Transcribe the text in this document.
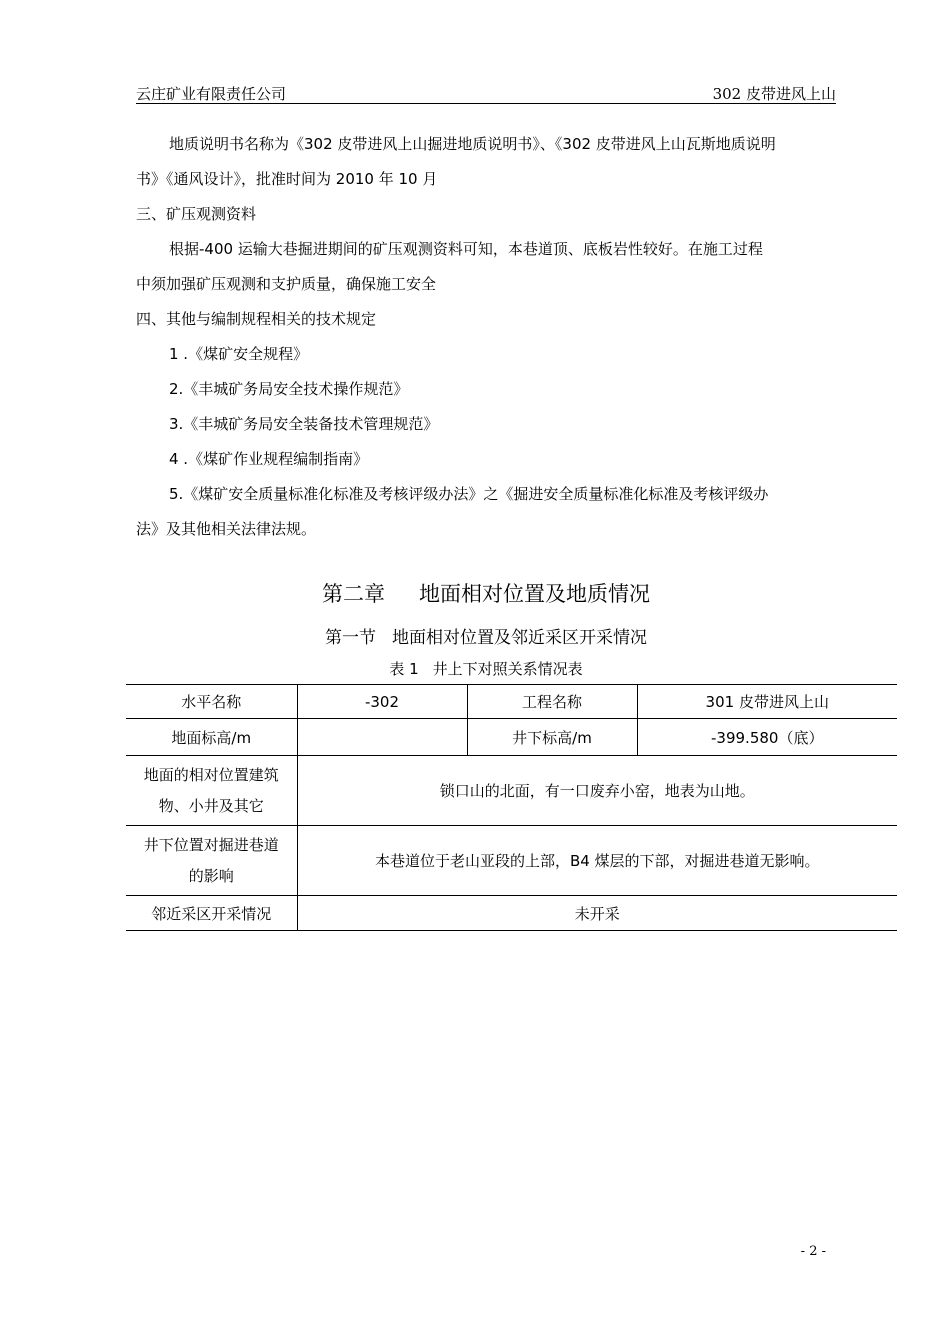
云庄矿业有限责任公司	302 皮带进风上山

地质说明书名称为《302 皮带进风上山掘进地质说明书》、《302 皮带进风上山瓦斯地质说明

书》《通风设计》，批准时间为 2010 年 10 月

三、矿压观测资料

根据-400 运输大巷掘进期间的矿压观测资料可知，本巷道顶、底板岩性较好。在施工过程

中须加强矿压观测和支护质量，确保施工安全

四、其他与编制规程相关的技术规定

1 .《煤矿安全规程》

2.《丰城矿务局安全技术操作规范》

3.《丰城矿务局安全装备技术管理规范》

4 .《煤矿作业规程编制指南》

5.《煤矿安全质量标准化标准及考核评级办法》之《掘进安全质量标准化标准及考核评级办

法》及其他相关法律法规。

第二章 地面相对位置及地质情况
第一节 地面相对位置及邻近采区开采情况
表 1 井上下对照关系情况表
水平名称	-302	工程名称	301 皮带进风上山
地面标高/m		井下标高/m	-399.580（底）

地面的相对位置建筑
物、小井及其它	锁口山的北面，有一口废弃小窑，地表为山地。		

井下位置对掘进巷道
的影响	本巷道位于老山亚段的上部，B4 煤层的下部，对掘进巷道无影响。		
邻近采区开采情况	未开采		
- 2 -
